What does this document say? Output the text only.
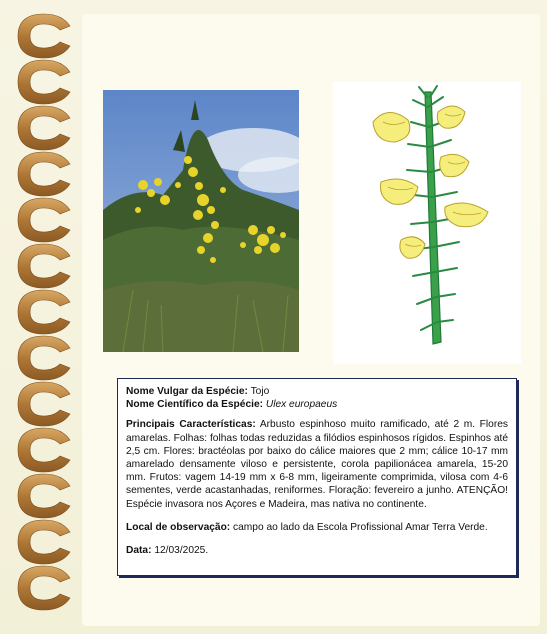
Nome Vulgar da Espécie: Tojo

Nome Científico da Espécie: Ulex europaeus

Principais Características: Arbusto espinhoso muito ramificado, até 2 m. Flores amarelas. Folhas: folhas todas reduzidas a filódios espinhosos rígidos. Espinhos até 2,5 cm. Flores: bractéolas por baixo do cálice maiores que 2 mm; cálice 10-17 mm amarelado densamente viloso e persistente, corola papilionácea amarela, 15-20 mm. Frutos: vagem 14-19 mm x 6-8 mm, ligeiramente comprimida, vilosa com 4-6 sementes, verde acastanhadas, reniformes. Floração: fevereiro a junho. ATENÇÃO! Espécie invasora nos Açores e Madeira, mas nativa no continente.

Local de observação: campo ao lado da Escola Profissional Amar Terra Verde.

Data: 12/03/2025.
